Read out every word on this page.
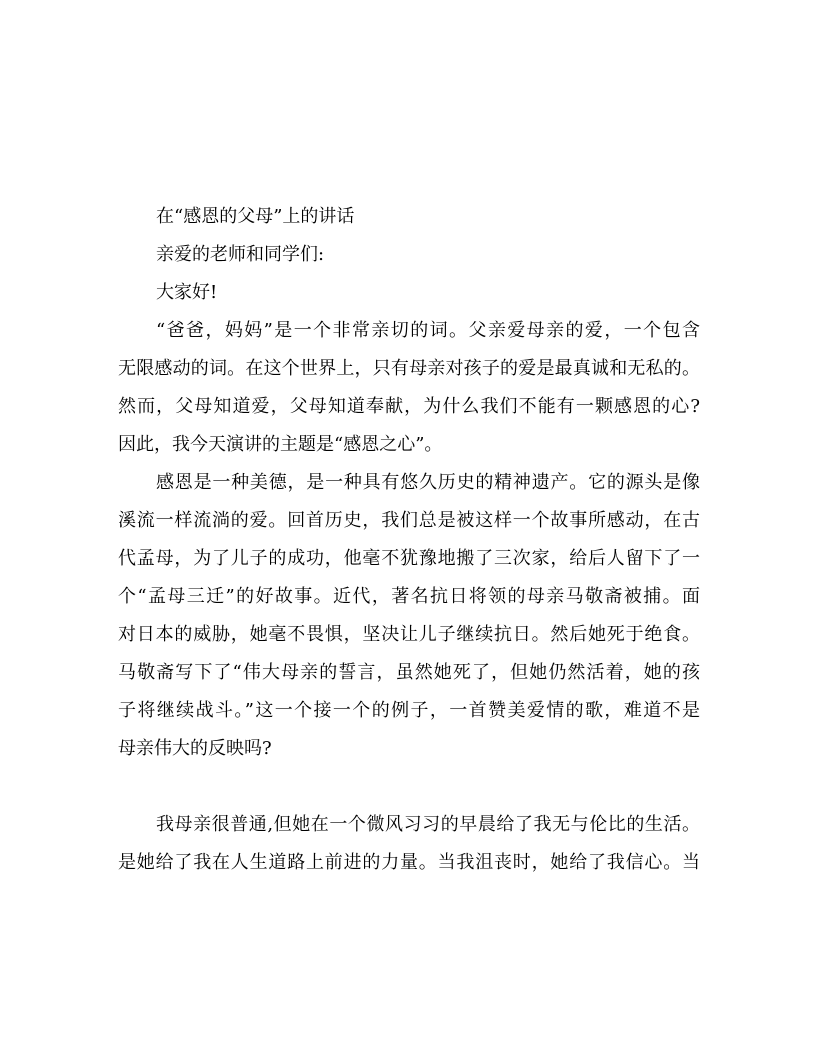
在“感恩的父母”上的讲话
亲爱的老师和同学们:
大家好!
“爸爸，妈妈”是一个非常亲切的词。父亲爱母亲的爱，一个包含
无限感动的词。在这个世界上，只有母亲对孩子的爱是最真诚和无私的。
然而，父母知道爱，父母知道奉献，为什么我们不能有一颗感恩的心?
因此，我今天演讲的主题是“感恩之心”。
感恩是一种美德，是一种具有悠久历史的精神遗产。它的源头是像
溪流一样流淌的爱。回首历史，我们总是被这样一个故事所感动，在古
代孟母，为了儿子的成功，他毫不犹豫地搬了三次家，给后人留下了一
个“孟母三迁”的好故事。近代，著名抗日将领的母亲马敬斋被捕。面
对日本的威胁，她毫不畏惧，坚决让儿子继续抗日。然后她死于绝食。
马敬斋写下了“伟大母亲的誓言，虽然她死了，但她仍然活着，她的孩
子将继续战斗。”这一个接一个的例子，一首赞美爱情的歌，难道不是
母亲伟大的反映吗?
我母亲很普通,但她在一个微风习习的早晨给了我无与伦比的生活。
是她给了我在人生道路上前进的力量。当我沮丧时，她给了我信心。当
